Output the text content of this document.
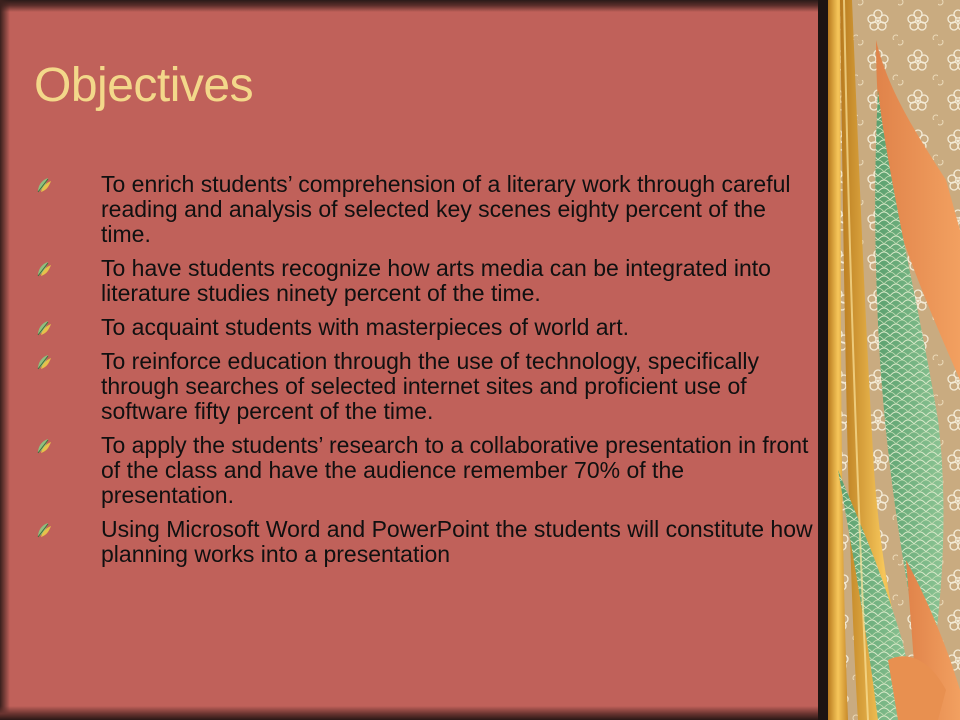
Objectives
To enrich students’ comprehension of a literary work through careful reading and analysis of selected key scenes eighty percent of the time.
To have students recognize how arts media can be integrated into literature studies ninety percent of the time.
To acquaint students with masterpieces of world art.
To reinforce education through the use of technology, specifically through searches of selected internet sites and proficient use of software fifty percent of the time.
To apply the students’ research to a collaborative presentation in front of the class and have the audience remember 70% of the presentation.
Using Microsoft Word and PowerPoint the students will constitute how planning works into a presentation
